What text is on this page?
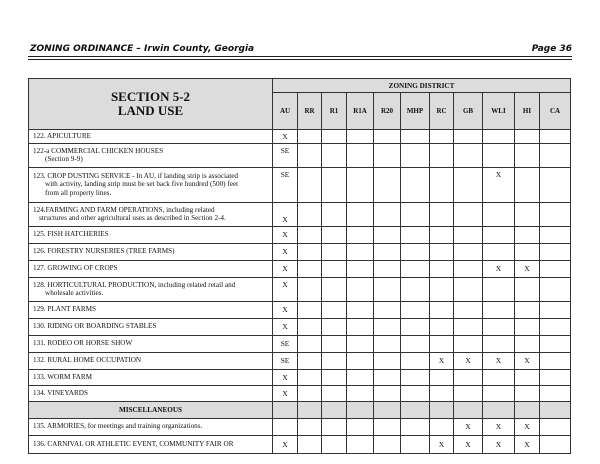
ZONING ORDINANCE – Irwin County, Georgia	Page 36
SECTION 5-2
LAND USE	ZONING DISTRICT										
	AU	RR	R1	R1A	R20	MHP	RC	GB	WLI	HI	CA
122. APICULTURE	X										
122-a COMMERCIAL CHICKEN HOUSES

(Section 9-9)	SE										
123. CROP DUSTING SERVICE - In AU, if landing strip is associated

with activity, landing strip must be set back five hundred (500) feet
from all property lines.	SE								X		
124.FARMING AND FARM OPERATIONS, including related

structures and other agricultural uses as described in Section 2-4.	X										
125. FISH HATCHERIES	X										
126. FORESTRY NURSERIES (TREE FARMS)	X										
127. GROWING OF CROPS	X								X	X	
128. HORTICULTURAL PRODUCTION, including related retail and

wholesale activities.	X										
129. PLANT FARMS	X										
130. RIDING OR BOARDING STABLES	X										
131. RODEO OR HORSE SHOW	SE										
132. RURAL HOME OCCUPATION	SE						X	X	X	X	
133. WORM FARM	X										
134. VINEYARDS	X										
MISCELLANEOUS											
135. ARMORIES, for meetings and training organizations.								X	X	X	
136. CARNIVAL OR ATHLETIC EVENT, COMMUNITY FAIR OR	X						X	X	X	X	
